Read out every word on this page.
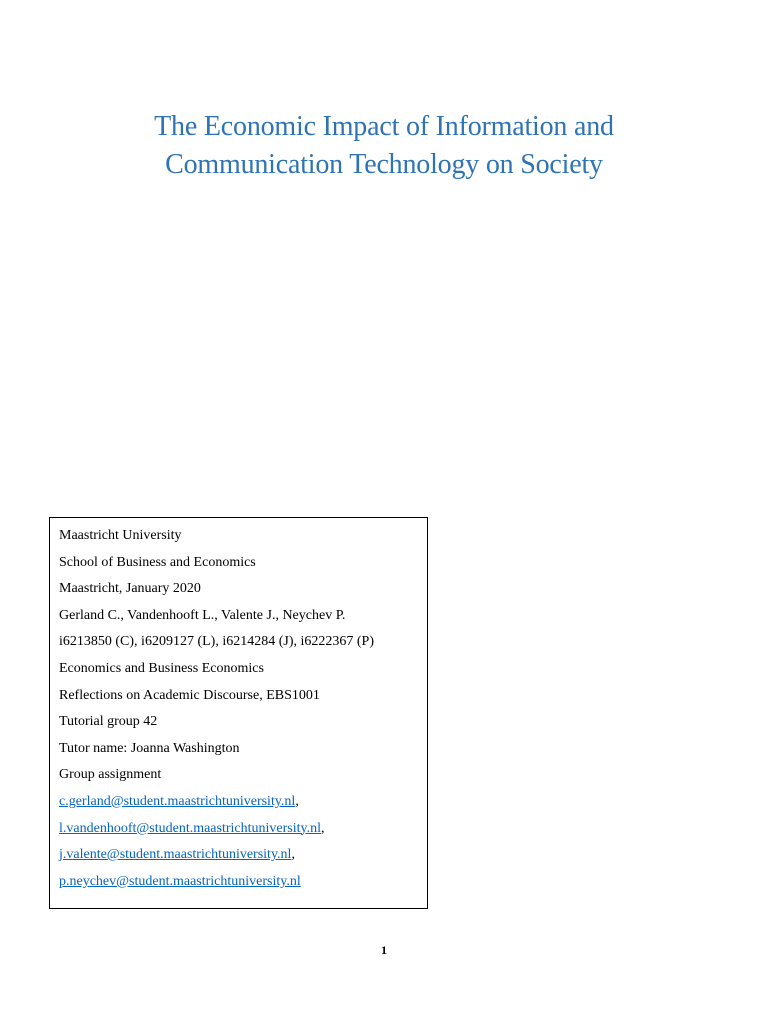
The Economic Impact of Information and
Communication Technology on Society
Maastricht University
School of Business and Economics
Maastricht, January 2020
Gerland C., Vandenhooft L., Valente J., Neychev P.
i6213850 (C), i6209127 (L), i6214284 (J), i6222367 (P)
Economics and Business Economics
Reflections on Academic Discourse, EBS1001
Tutorial group 42
Tutor name: Joanna Washington
Group assignment
c.gerland@student.maastrichtuniversity.nl,
l.vandenhooft@student.maastrichtuniversity.nl,
j.valente@student.maastrichtuniversity.nl,
p.neychev@student.maastrichtuniversity.nl
1
